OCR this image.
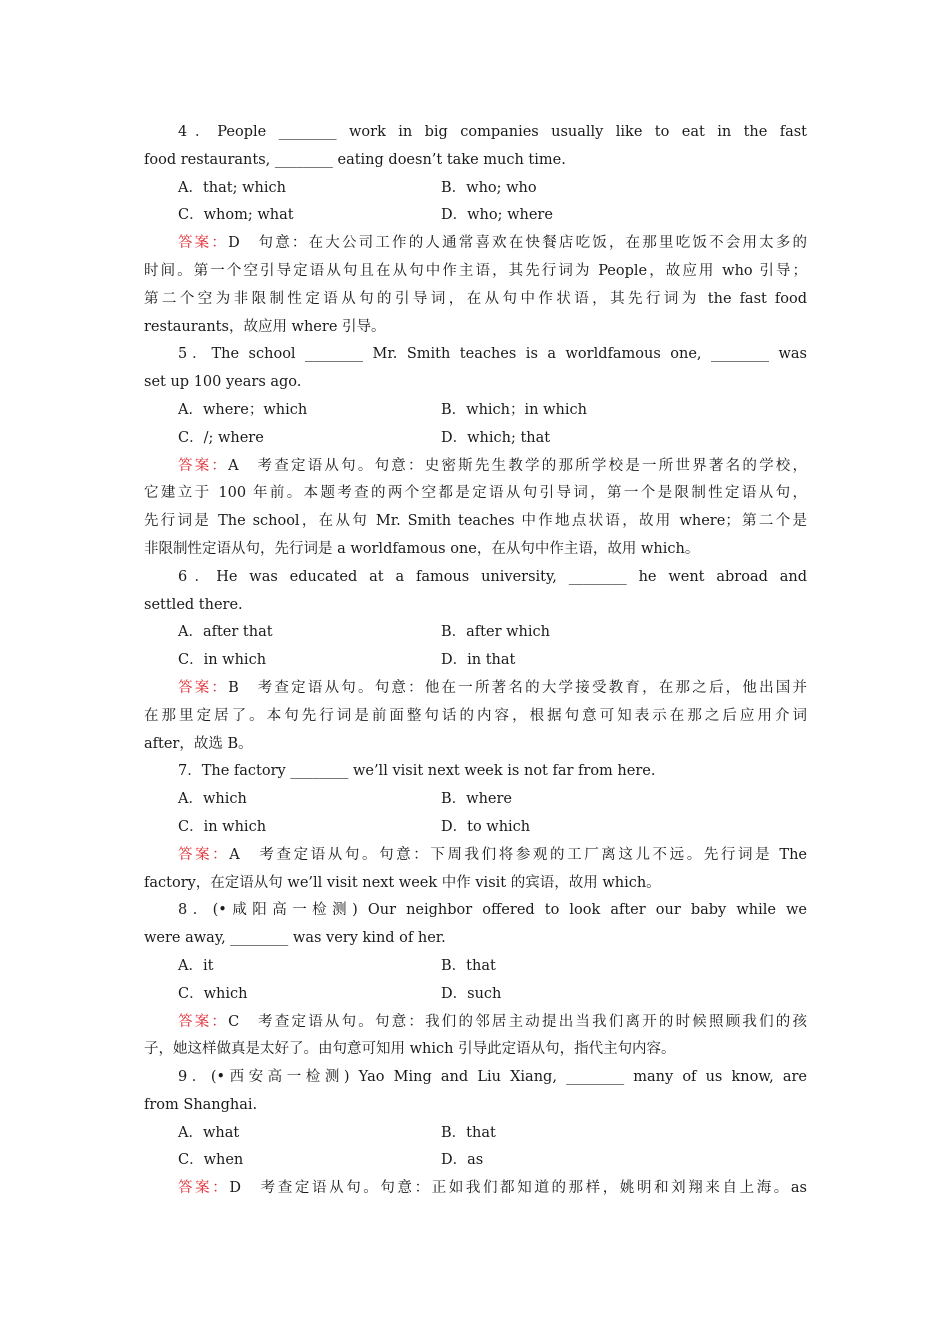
4．People ________ work in big companies usually like to eat in the fast
food restaurants, ________ eating doesn’t take much time.
A．that; which	B．who; who
C．whom; what	D．who; where
答案：D　句意：在大公司工作的人通常喜欢在快餐店吃饭，在那里吃饭不会用太多的
时间。第一个空引导定语从句且在从句中作主语，其先行词为 People，故应用 who 引导；
第二个空为非限制性定语从句的引导词，在从句中作状语，其先行词为 the fast food
restaurants，故应用 where 引导。
5．The school ________ Mr. Smith teaches is a worldfamous one, ________ was
set up 100 years ago.
A．where；which	B．which；in which
C．/; where	D．which; that
答案：A　考查定语从句。句意：史密斯先生教学的那所学校是一所世界著名的学校，
它建立于 100 年前。本题考查的两个空都是定语从句引导词，第一个是限制性定语从句，
先行词是 The school，在从句 Mr. Smith teaches 中作地点状语，故用 where；第二个是
非限制性定语从句，先行词是 a worldfamous one，在从句中作主语，故用 which。
6．He was educated at a famous university, ________ he went abroad and
settled there.
A．after that	B．after which
C．in which	D．in that
答案：B　考查定语从句。句意：他在一所著名的大学接受教育，在那之后，他出国并
在那里定居了。本句先行词是前面整句话的内容，根据句意可知表示在那之后应用介词
after，故选 B。
7．The factory ________ we’ll visit next week is not far from here.
A．which	B．where
C．in which	D．to which
答案：A　考查定语从句。句意：下周我们将参观的工厂离这儿不远。先行词是 The
factory，在定语从句 we’ll visit next week 中作 visit 的宾语，故用 which。
8．(•咸阳高一检测) Our neighbor offered to look after our baby while we
were away, ________ was very kind of her.
A．it	B．that
C．which	D．such
答案：C　考查定语从句。句意：我们的邻居主动提出当我们离开的时候照顾我们的孩
子，她这样做真是太好了。由句意可知用 which 引导此定语从句，指代主句内容。
9．(•西安高一检测) Yao Ming and Liu Xiang, ________ many of us know, are
from Shanghai.
A．what	B．that
C．when	D．as
答案：D　考查定语从句。句意：正如我们都知道的那样，姚明和刘翔来自上海。as
